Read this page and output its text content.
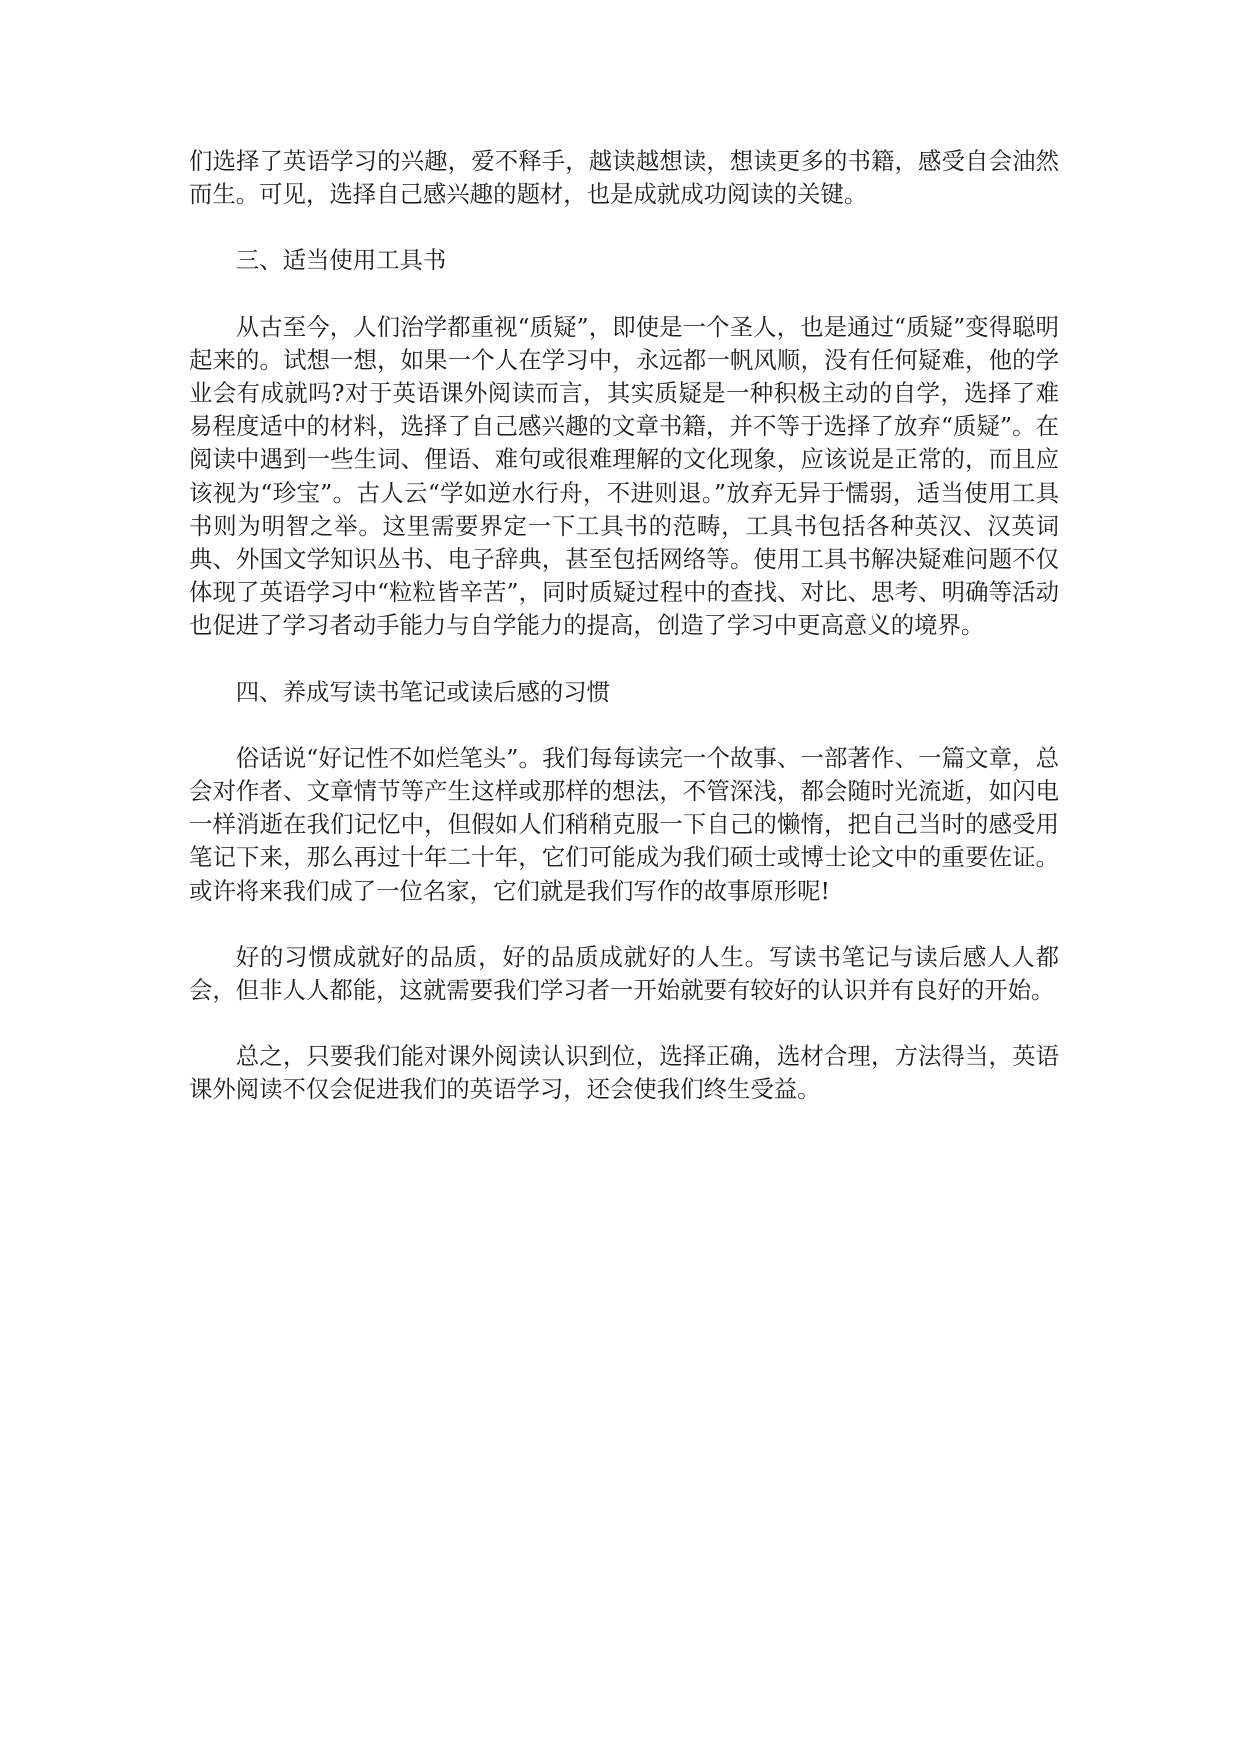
们选择了英语学习的兴趣，爱不释手，越读越想读，想读更多的书籍，感受自会油然而生。可见，选择自己感兴趣的题材，也是成就成功阅读的关键。

三、适当使用工具书

从古至今，人们治学都重视“质疑”，即使是一个圣人，也是通过“质疑”变得聪明起来的。试想一想，如果一个人在学习中，永远都一帆风顺，没有任何疑难，他的学业会有成就吗?对于英语课外阅读而言，其实质疑是一种积极主动的自学，选择了难易程度适中的材料，选择了自己感兴趣的文章书籍，并不等于选择了放弃“质疑”。在阅读中遇到一些生词、俚语、难句或很难理解的文化现象，应该说是正常的，而且应该视为“珍宝”。古人云“学如逆水行舟，不进则退。”放弃无异于懦弱，适当使用工具书则为明智之举。这里需要界定一下工具书的范畴，工具书包括各种英汉、汉英词典、外国文学知识丛书、电子辞典，甚至包括网络等。使用工具书解决疑难问题不仅体现了英语学习中“粒粒皆辛苦”，同时质疑过程中的查找、对比、思考、明确等活动也促进了学习者动手能力与自学能力的提高，创造了学习中更高意义的境界。

四、养成写读书笔记或读后感的习惯

俗话说“好记性不如烂笔头”。我们每每读完一个故事、一部著作、一篇文章，总会对作者、文章情节等产生这样或那样的想法，不管深浅，都会随时光流逝，如闪电一样消逝在我们记忆中，但假如人们稍稍克服一下自己的懒惰，把自己当时的感受用笔记下来，那么再过十年二十年，它们可能成为我们硕士或博士论文中的重要佐证。或许将来我们成了一位名家，它们就是我们写作的故事原形呢!

好的习惯成就好的品质，好的品质成就好的人生。写读书笔记与读后感人人都会，但非人人都能，这就需要我们学习者一开始就要有较好的认识并有良好的开始。

总之，只要我们能对课外阅读认识到位，选择正确，选材合理，方法得当，英语课外阅读不仅会促进我们的英语学习，还会使我们终生受益。
